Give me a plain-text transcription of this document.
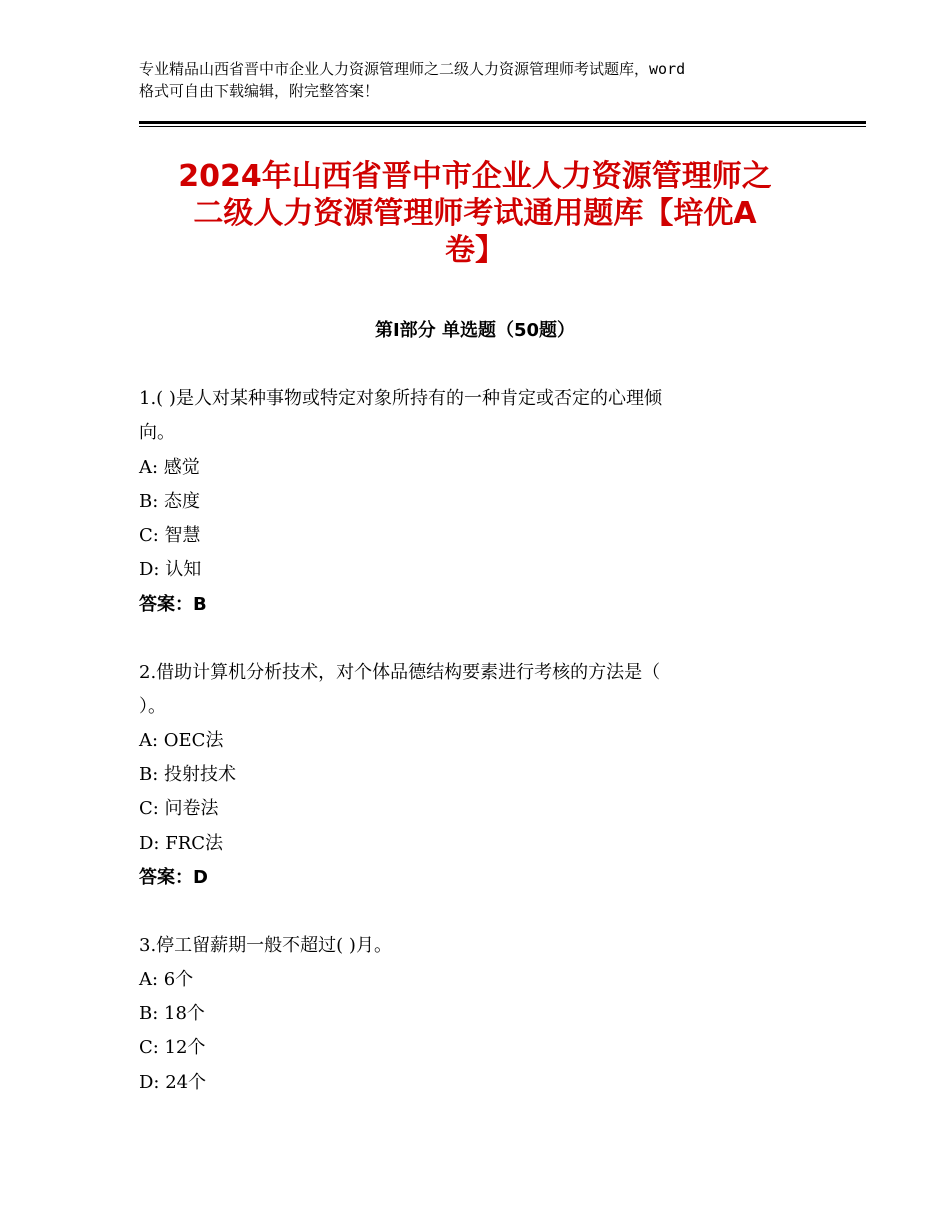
专业精品山西省晋中市企业人力资源管理师之二级人力资源管理师考试题库，word
格式可自由下载编辑，附完整答案！
2024年山西省晋中市企业人力资源管理师之
二级人力资源管理师考试通用题库【培优A
卷】
第Ⅰ部分 单选题（50题）
1.( )是人对某种事物或特定对象所持有的一种肯定或否定的心理倾
向。
A: 感觉
B: 态度
C: 智慧
D: 认知
答案：B
2.借助计算机分析技术，对个体品德结构要素进行考核的方法是（
）。
A: OEC法
B: 投射技术
C: 问卷法
D: FRC法
答案：D
3.停工留薪期一般不超过( )月。
A: 6个
B: 18个
C: 12个
D: 24个
